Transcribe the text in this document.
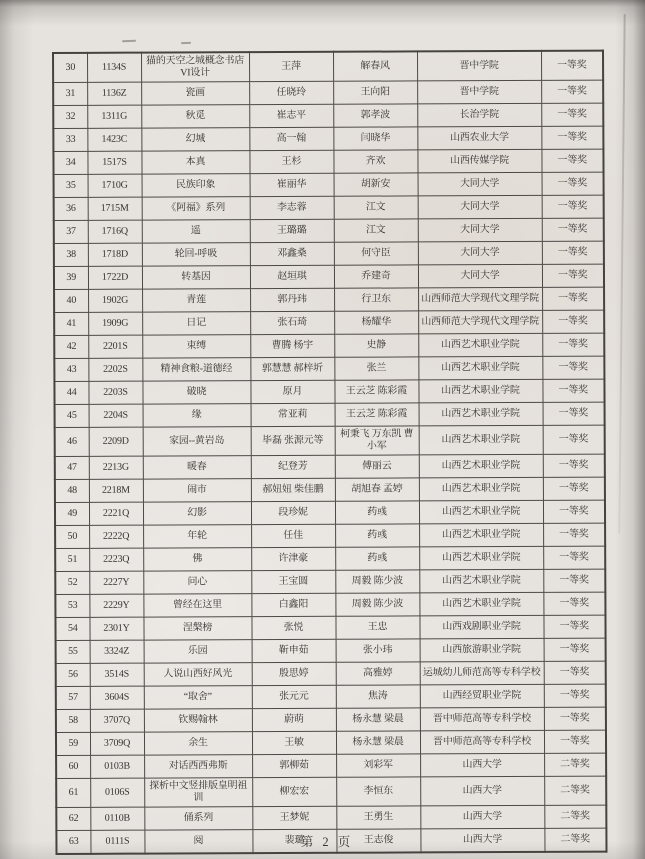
30	1134S	猫的天空之城概念书店VI设计	王萍	解春风	晋中学院	一等奖
31	1136Z	瓷画	任晓玲	王向阳	晋中学院	一等奖
32	1311G	秋觅	崔志平	郭孝波	长治学院	一等奖
33	1423C	幻城	高一翰	闫晓华	山西农业大学	一等奖
34	1517S	本真	王杉	齐欢	山西传媒学院	一等奖
35	1710G	民族印象	崔丽华	胡新安	大同大学	一等奖
36	1715M	《阿福》系列	李志蓉	江文	大同大学	一等奖
37	1716Q	遥	王璐璐	江文	大同大学	一等奖
38	1718D	轮回-呼吸	邓鑫桑	何守臣	大同大学	一等奖
39	1722D	转基因	赵垣琪	乔建奇	大同大学	一等奖
40	1902G	青莲	郭丹玮	行卫东	山西师范大学现代文理学院	一等奖
41	1909G	日记	张石琦	杨耀华	山西师范大学现代文理学院	一等奖
42	2201S	束缚	曹腾 杨宇	史静	山西艺术职业学院	一等奖
43	2202S	精神食粮-道德经	郭慧慧 郝梓圻	张兰	山西艺术职业学院	一等奖
44	2203S	破晓	原月	王云芝 陈彩霞	山西艺术职业学院	一等奖
45	2204S	缘	常亚莉	王云芝 陈彩霞	山西艺术职业学院	一等奖
46	2209D	家园--黄岩岛	毕磊 张源元等	柯秉飞 万东凯 曹小军	山西艺术职业学院	一等奖
47	2213G	暖春	纪登芳	傅丽云	山西艺术职业学院	一等奖
48	2218M	闹市	郝妞妞 柴佳鹏	胡旭春 孟婷	山西艺术职业学院	一等奖
49	2221Q	幻影	段珍妮	药彧	山西艺术职业学院	一等奖
50	2222Q	年轮	任佳	药彧	山西艺术职业学院	一等奖
51	2223Q	佛	许津豪	药彧	山西艺术职业学院	一等奖
52	2227Y	问心	王宝圆	周毅 陈少波	山西艺术职业学院	一等奖
53	2229Y	曾经在这里	白鑫阳	周毅 陈少波	山西艺术职业学院	一等奖
54	2301Y	涅槃榜	张悦	王忠	山西戏剧职业学院	一等奖
55	3324Z	乐园	靳申茹	张小玮	山西旅游职业学院	一等奖
56	3514S	人说山西好风光	殷思婷	高雅婷	运城幼儿师范高等专科学校	一等奖
57	3604S	“取舍”	张元元	焦涛	山西经贸职业学院	一等奖
58	3707Q	钦赐翰林	蔚萌	杨永慧 梁晨	晋中师范高等专科学校	一等奖
59	3709Q	余生	王敏	杨永慧 梁晨	晋中师范高等专科学校	一等奖
60	0103B	对话西西弗斯	郭柳茹	刘彩军	山西大学	二等奖
61	0106S	探析中文竖排版皇明祖训	柳宏宏	李恒东	山西大学	二等奖
62	0110B	俑系列	王梦妮	王勇生	山西大学	二等奖
63	0111S	阅	裴璐	王志俊	山西大学	二等奖
第 2 页
